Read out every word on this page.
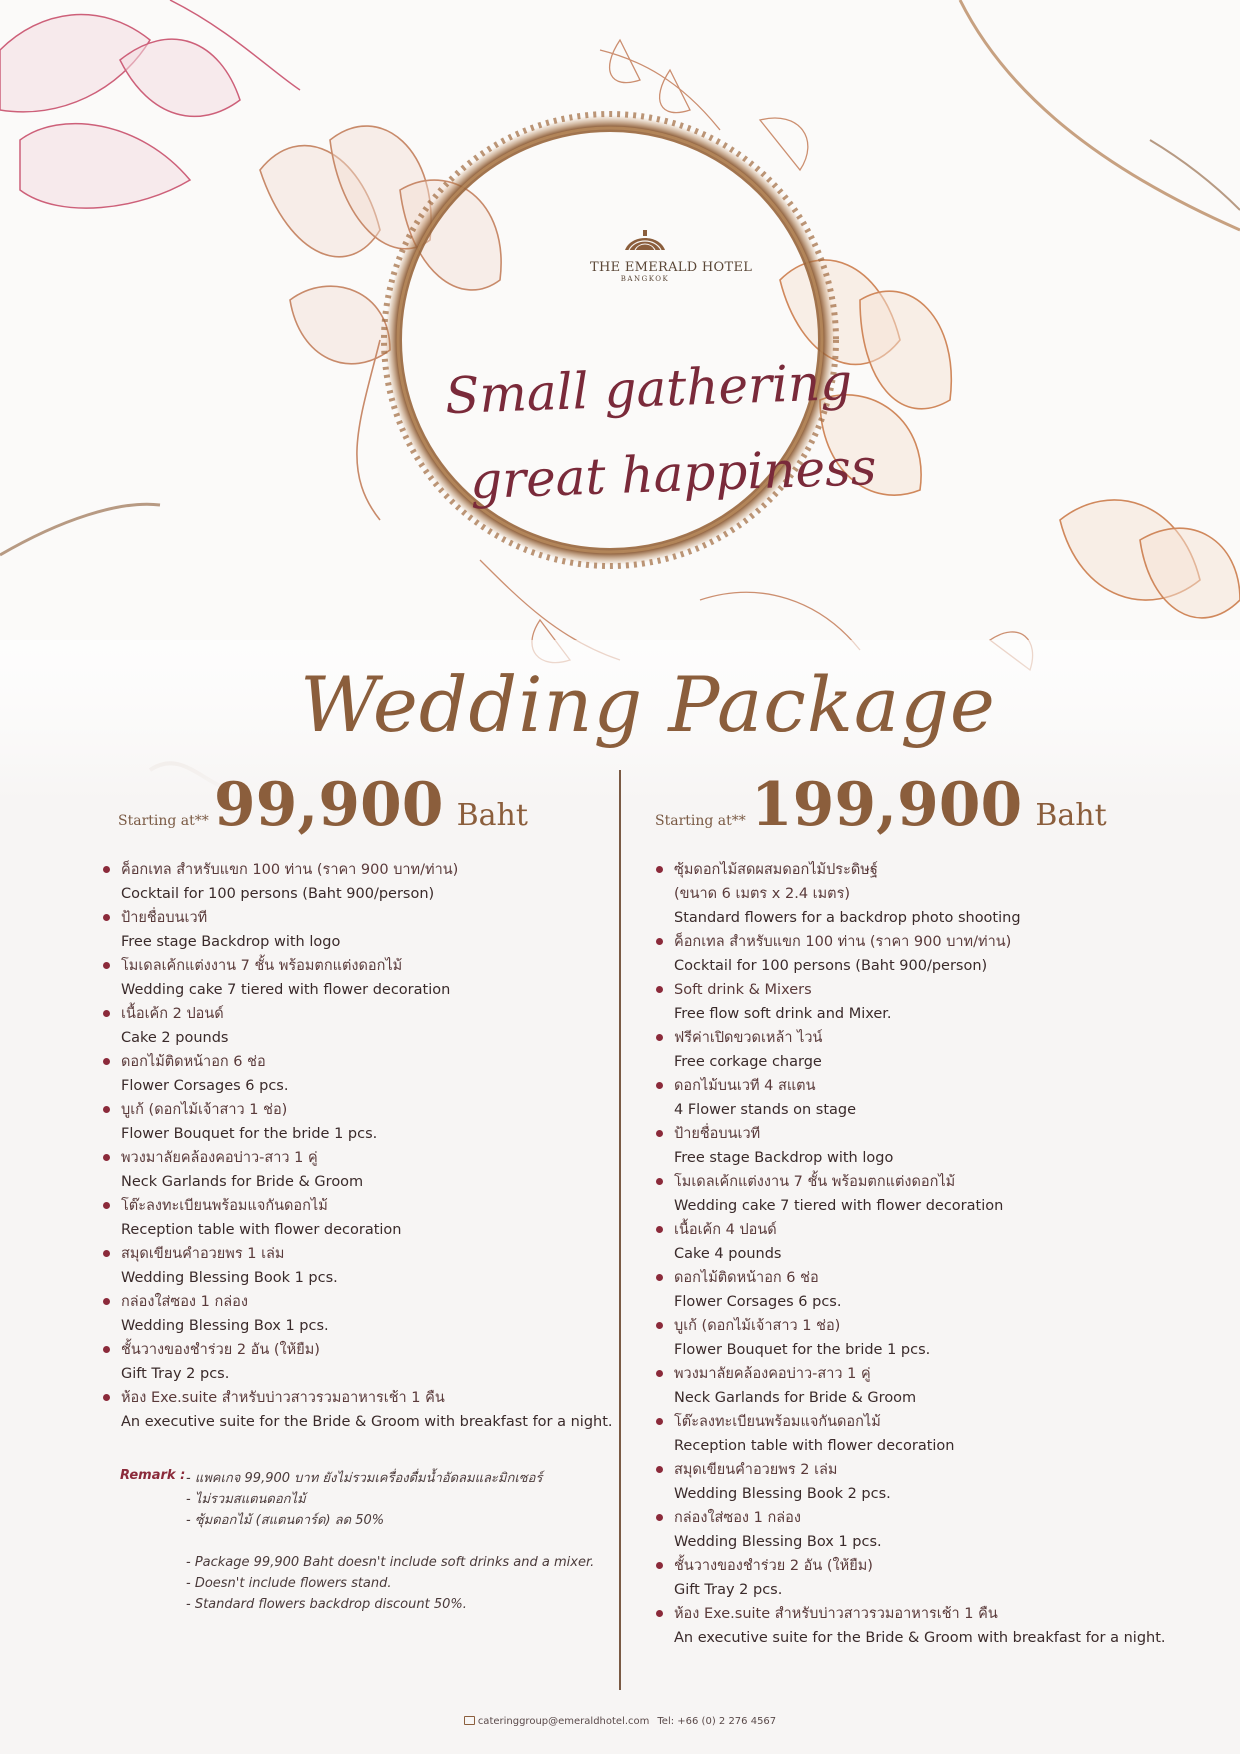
THE EMERALD HOTEL
BANGKOK
Small gathering
great happiness
Wedding Package
Starting at** 99,900 Baht	Starting at** 199,900 Baht
ค็อกเทล สำหรับแขก 100 ท่าน (ราคา 900 บาท/ท่าน)
Cocktail for 100 persons (Baht 900/person)
ป้ายชื่อบนเวที
Free stage Backdrop with logo
โมเดลเค้กแต่งงาน 7 ชั้น พร้อมตกแต่งดอกไม้
Wedding cake 7 tiered with flower decoration
เนื้อเค้ก 2 ปอนด์
Cake 2 pounds
ดอกไม้ติดหน้าอก 6 ช่อ
Flower Corsages 6 pcs.
บูเก้ (ดอกไม้เจ้าสาว 1 ช่อ)
Flower Bouquet for the bride 1 pcs.
พวงมาลัยคล้องคอบ่าว-สาว 1 คู่
Neck Garlands for Bride & Groom
โต๊ะลงทะเบียนพร้อมแจกันดอกไม้
Reception table with flower decoration
สมุดเขียนคำอวยพร 1 เล่ม
Wedding Blessing Book 1 pcs.
กล่องใส่ซอง 1 กล่อง
Wedding Blessing Box 1 pcs.
ชั้นวางของชำร่วย 2 อัน (ให้ยืม)
Gift Tray 2 pcs.
ห้อง Exe.suite สำหรับบ่าวสาวรวมอาหารเช้า 1 คืน
An executive suite for the Bride & Groom with breakfast for a night.
ซุ้มดอกไม้สดผสมดอกไม้ประดิษฐ์
(ขนาด 6 เมตร x 2.4 เมตร)
Standard flowers for a backdrop photo shooting
ค็อกเทล สำหรับแขก 100 ท่าน (ราคา 900 บาท/ท่าน)
Cocktail for 100 persons (Baht 900/person)
Soft drink & Mixers
Free flow soft drink and Mixer.
ฟรีค่าเปิดขวดเหล้า ไวน์
Free corkage charge
ดอกไม้บนเวที 4 สแตน
4 Flower stands on stage
ป้ายชื่อบนเวที
Free stage Backdrop with logo
โมเดลเค้กแต่งงาน 7 ชั้น พร้อมตกแต่งดอกไม้
Wedding cake 7 tiered with flower decoration
เนื้อเค้ก 4 ปอนด์
Cake 4 pounds
ดอกไม้ติดหน้าอก 6 ช่อ
Flower Corsages 6 pcs.
บูเก้ (ดอกไม้เจ้าสาว 1 ช่อ)
Flower Bouquet for the bride 1 pcs.
พวงมาลัยคล้องคอบ่าว-สาว 1 คู่
Neck Garlands for Bride & Groom
โต๊ะลงทะเบียนพร้อมแจกันดอกไม้
Reception table with flower decoration
สมุดเขียนคำอวยพร 2 เล่ม
Wedding Blessing Book 2 pcs.
กล่องใส่ซอง 1 กล่อง
Wedding Blessing Box 1 pcs.
ชั้นวางของชำร่วย 2 อัน (ให้ยืม)
Gift Tray 2 pcs.
ห้อง Exe.suite สำหรับบ่าวสาวรวมอาหารเช้า 1 คืน
An executive suite for the Bride & Groom with breakfast for a night.
Remark : - แพคเกจ 99,900 บาท ยังไม่รวมเครื่องดื่มน้ำอัดลมและมิกเซอร์
- ไม่รวมสแตนดอกไม้
- ซุ้มดอกไม้ (สแตนดาร์ด) ลด 50%
- Package 99,900 Baht doesn't include soft drinks and a mixer.
- Doesn't include flowers stand.
- Standard flowers backdrop discount 50%.
cateringgroup@emeraldhotel.com Tel: +66 (0) 2 276 4567
